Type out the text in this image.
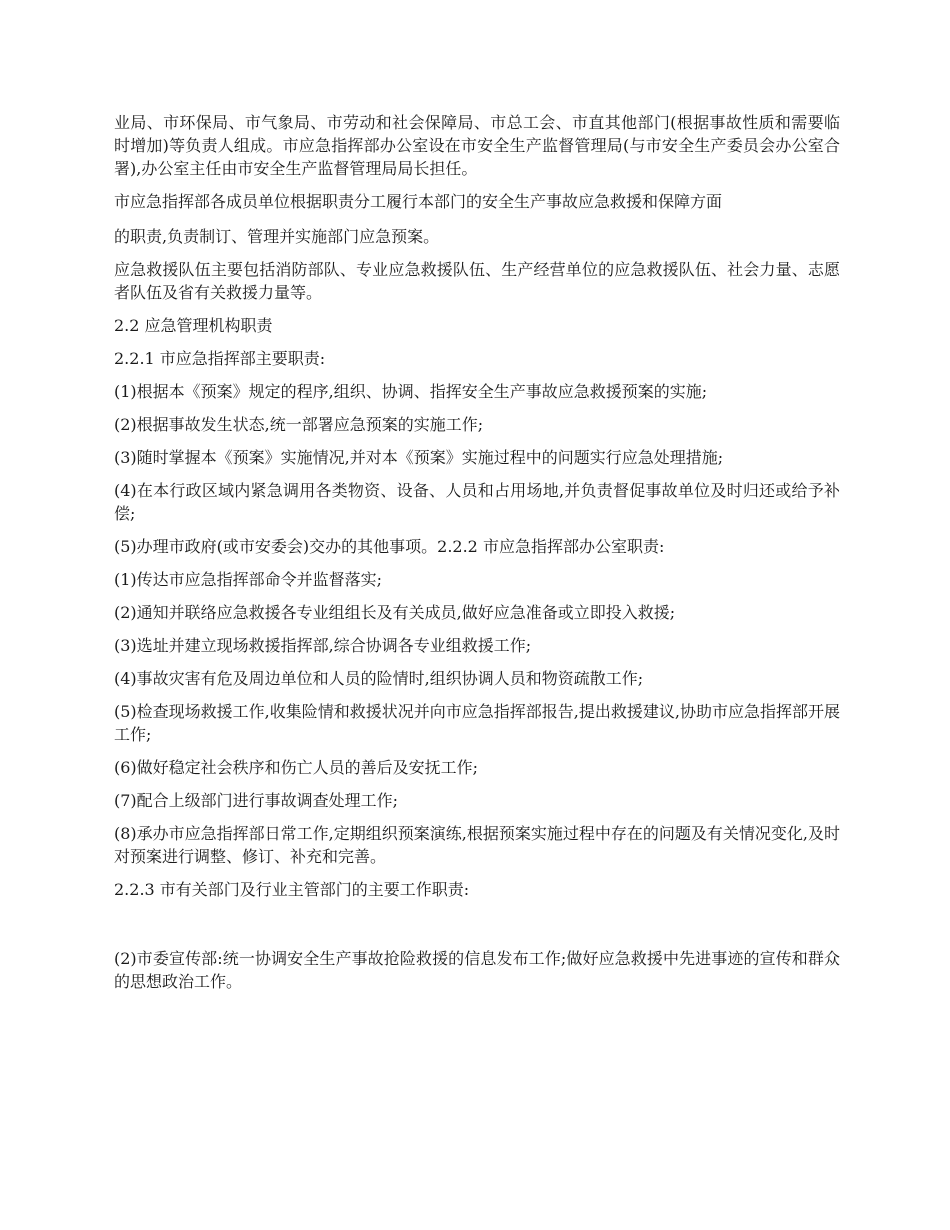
业局、市环保局、市气象局、市劳动和社会保障局、市总工会、市直其他部门(根据事故性质和需要临时增加)等负责人组成。市应急指挥部办公室设在市安全生产监督管理局(与市安全生产委员会办公室合署),办公室主任由市安全生产监督管理局局长担任。

市应急指挥部各成员单位根据职责分工履行本部门的安全生产事故应急救援和保障方面

的职责,负责制订、管理并实施部门应急预案。

应急救援队伍主要包括消防部队、专业应急救援队伍、生产经营单位的应急救援队伍、社会力量、志愿者队伍及省有关救援力量等。

2.2 应急管理机构职责

2.2.1 市应急指挥部主要职责:

(1)根据本《预案》规定的程序,组织、协调、指挥安全生产事故应急救援预案的实施;

(2)根据事故发生状态,统一部署应急预案的实施工作;

(3)随时掌握本《预案》实施情况,并对本《预案》实施过程中的问题实行应急处理措施;

(4)在本行政区域内紧急调用各类物资、设备、人员和占用场地,并负责督促事故单位及时归还或给予补偿;

(5)办理市政府(或市安委会)交办的其他事项。2.2.2 市应急指挥部办公室职责:

(1)传达市应急指挥部命令并监督落实;

(2)通知并联络应急救援各专业组组长及有关成员,做好应急准备或立即投入救援;

(3)选址并建立现场救援指挥部,综合协调各专业组救援工作;

(4)事故灾害有危及周边单位和人员的险情时,组织协调人员和物资疏散工作;

(5)检查现场救援工作,收集险情和救援状况并向市应急指挥部报告,提出救援建议,协助市应急指挥部开展工作;

(6)做好稳定社会秩序和伤亡人员的善后及安抚工作;

(7)配合上级部门进行事故调查处理工作;

(8)承办市应急指挥部日常工作,定期组织预案演练,根据预案实施过程中存在的问题及有关情况变化,及时对预案进行调整、修订、补充和完善。

2.2.3 市有关部门及行业主管部门的主要工作职责:

(2)市委宣传部:统一协调安全生产事故抢险救援的信息发布工作;做好应急救援中先进事迹的宣传和群众的思想政治工作。
